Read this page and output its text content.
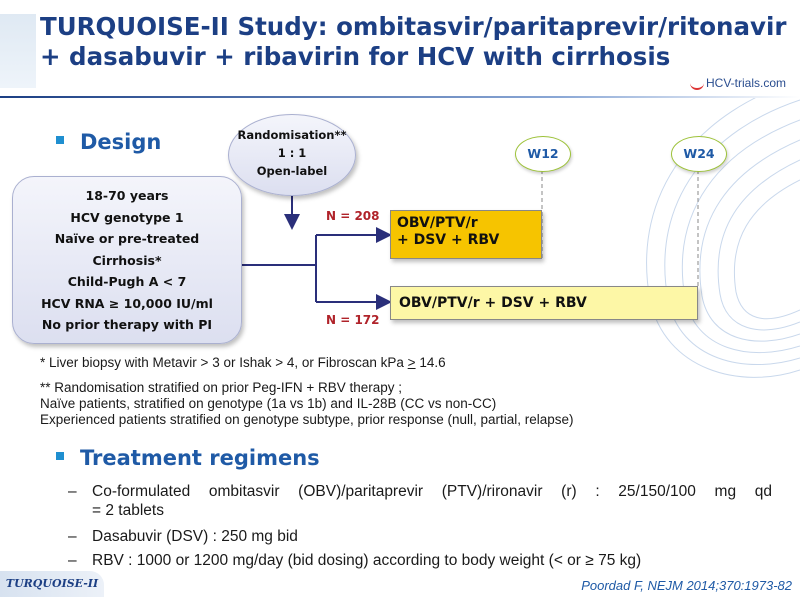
TURQUOISE-II Study: ombitasvir/paritaprevir/ritonavir
+ dasabuvir + ribavirin for HCV with cirrhosis
HCV-trials.com
Design
18-70 years
HCV genotype 1
Naïve or pre-treated
Cirrhosis*
Child-Pugh A < 7
HCV RNA ≥ 10,000 IU/ml
No prior therapy with PI
Randomisation**
1 : 1
Open-label
W12	W24
N = 208
N = 172
OBV/PTV/r
+ DSV + RBV
OBV/PTV/r + DSV + RBV
* Liver biopsy with Metavir > 3 or Ishak > 4, or Fibroscan kPa > 14.6
** Randomisation stratified on prior Peg-IFN + RBV therapy ;
Naïve patients, stratified on genotype (1a vs 1b) and IL-28B (CC vs non-CC)
Experienced patients stratified on genotype subtype, prior response (null, partial, relapse)
Treatment regimens
– Co-formulated ombitasvir (OBV)/paritaprevir (PTV)/rironavir (r) : 25/150/100 mg qd
= 2 tablets
– Dasabuvir (DSV) : 250 mg bid
– RBV : 1000 or 1200 mg/day (bid dosing) according to body weight (< or ≥ 75 kg)
TURQUOISE-II	Poordad F, NEJM 2014;370:1973-82
